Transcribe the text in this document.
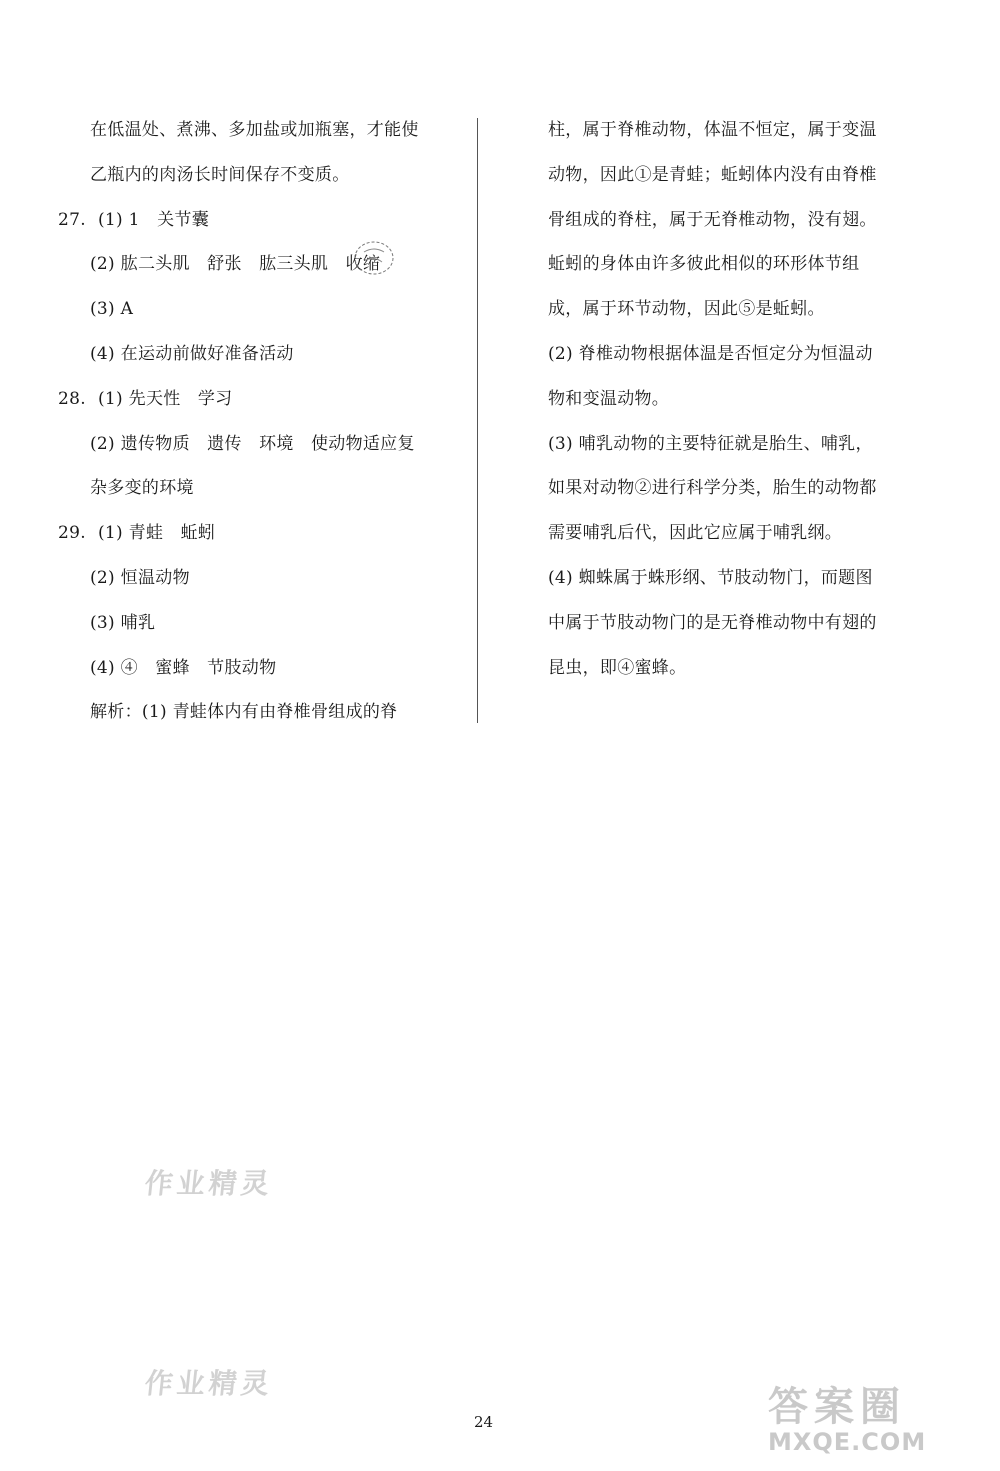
在低温处、煮沸、多加盐或加瓶塞，才能使
乙瓶内的肉汤长时间保存不变质。
27. (1) 1　关节囊
(2) 肱二头肌　舒张　肱三头肌　收缩
(3) A
(4) 在运动前做好准备活动
28. (1) 先天性　学习
(2) 遗传物质　遗传　环境　使动物适应复
杂多变的环境
29. (1) 青蛙　蚯蚓
(2) 恒温动物
(3) 哺乳
(4) ④　蜜蜂　节肢动物
解析：(1) 青蛙体内有由脊椎骨组成的脊
柱，属于脊椎动物，体温不恒定，属于变温
动物，因此①是青蛙；蚯蚓体内没有由脊椎
骨组成的脊柱，属于无脊椎动物，没有翅。
蚯蚓的身体由许多彼此相似的环形体节组
成，属于环节动物，因此⑤是蚯蚓。
(2) 脊椎动物根据体温是否恒定分为恒温动
物和变温动物。
(3) 哺乳动物的主要特征就是胎生、哺乳，
如果对动物②进行科学分类，胎生的动物都
需要哺乳后代，因此它应属于哺乳纲。
(4) 蜘蛛属于蛛形纲、节肢动物门，而题图
中属于节肢动物门的是无脊椎动物中有翅的
昆虫，即④蜜蜂。
作业精灵
作业精灵
24	答案圈
MXQE.COM
